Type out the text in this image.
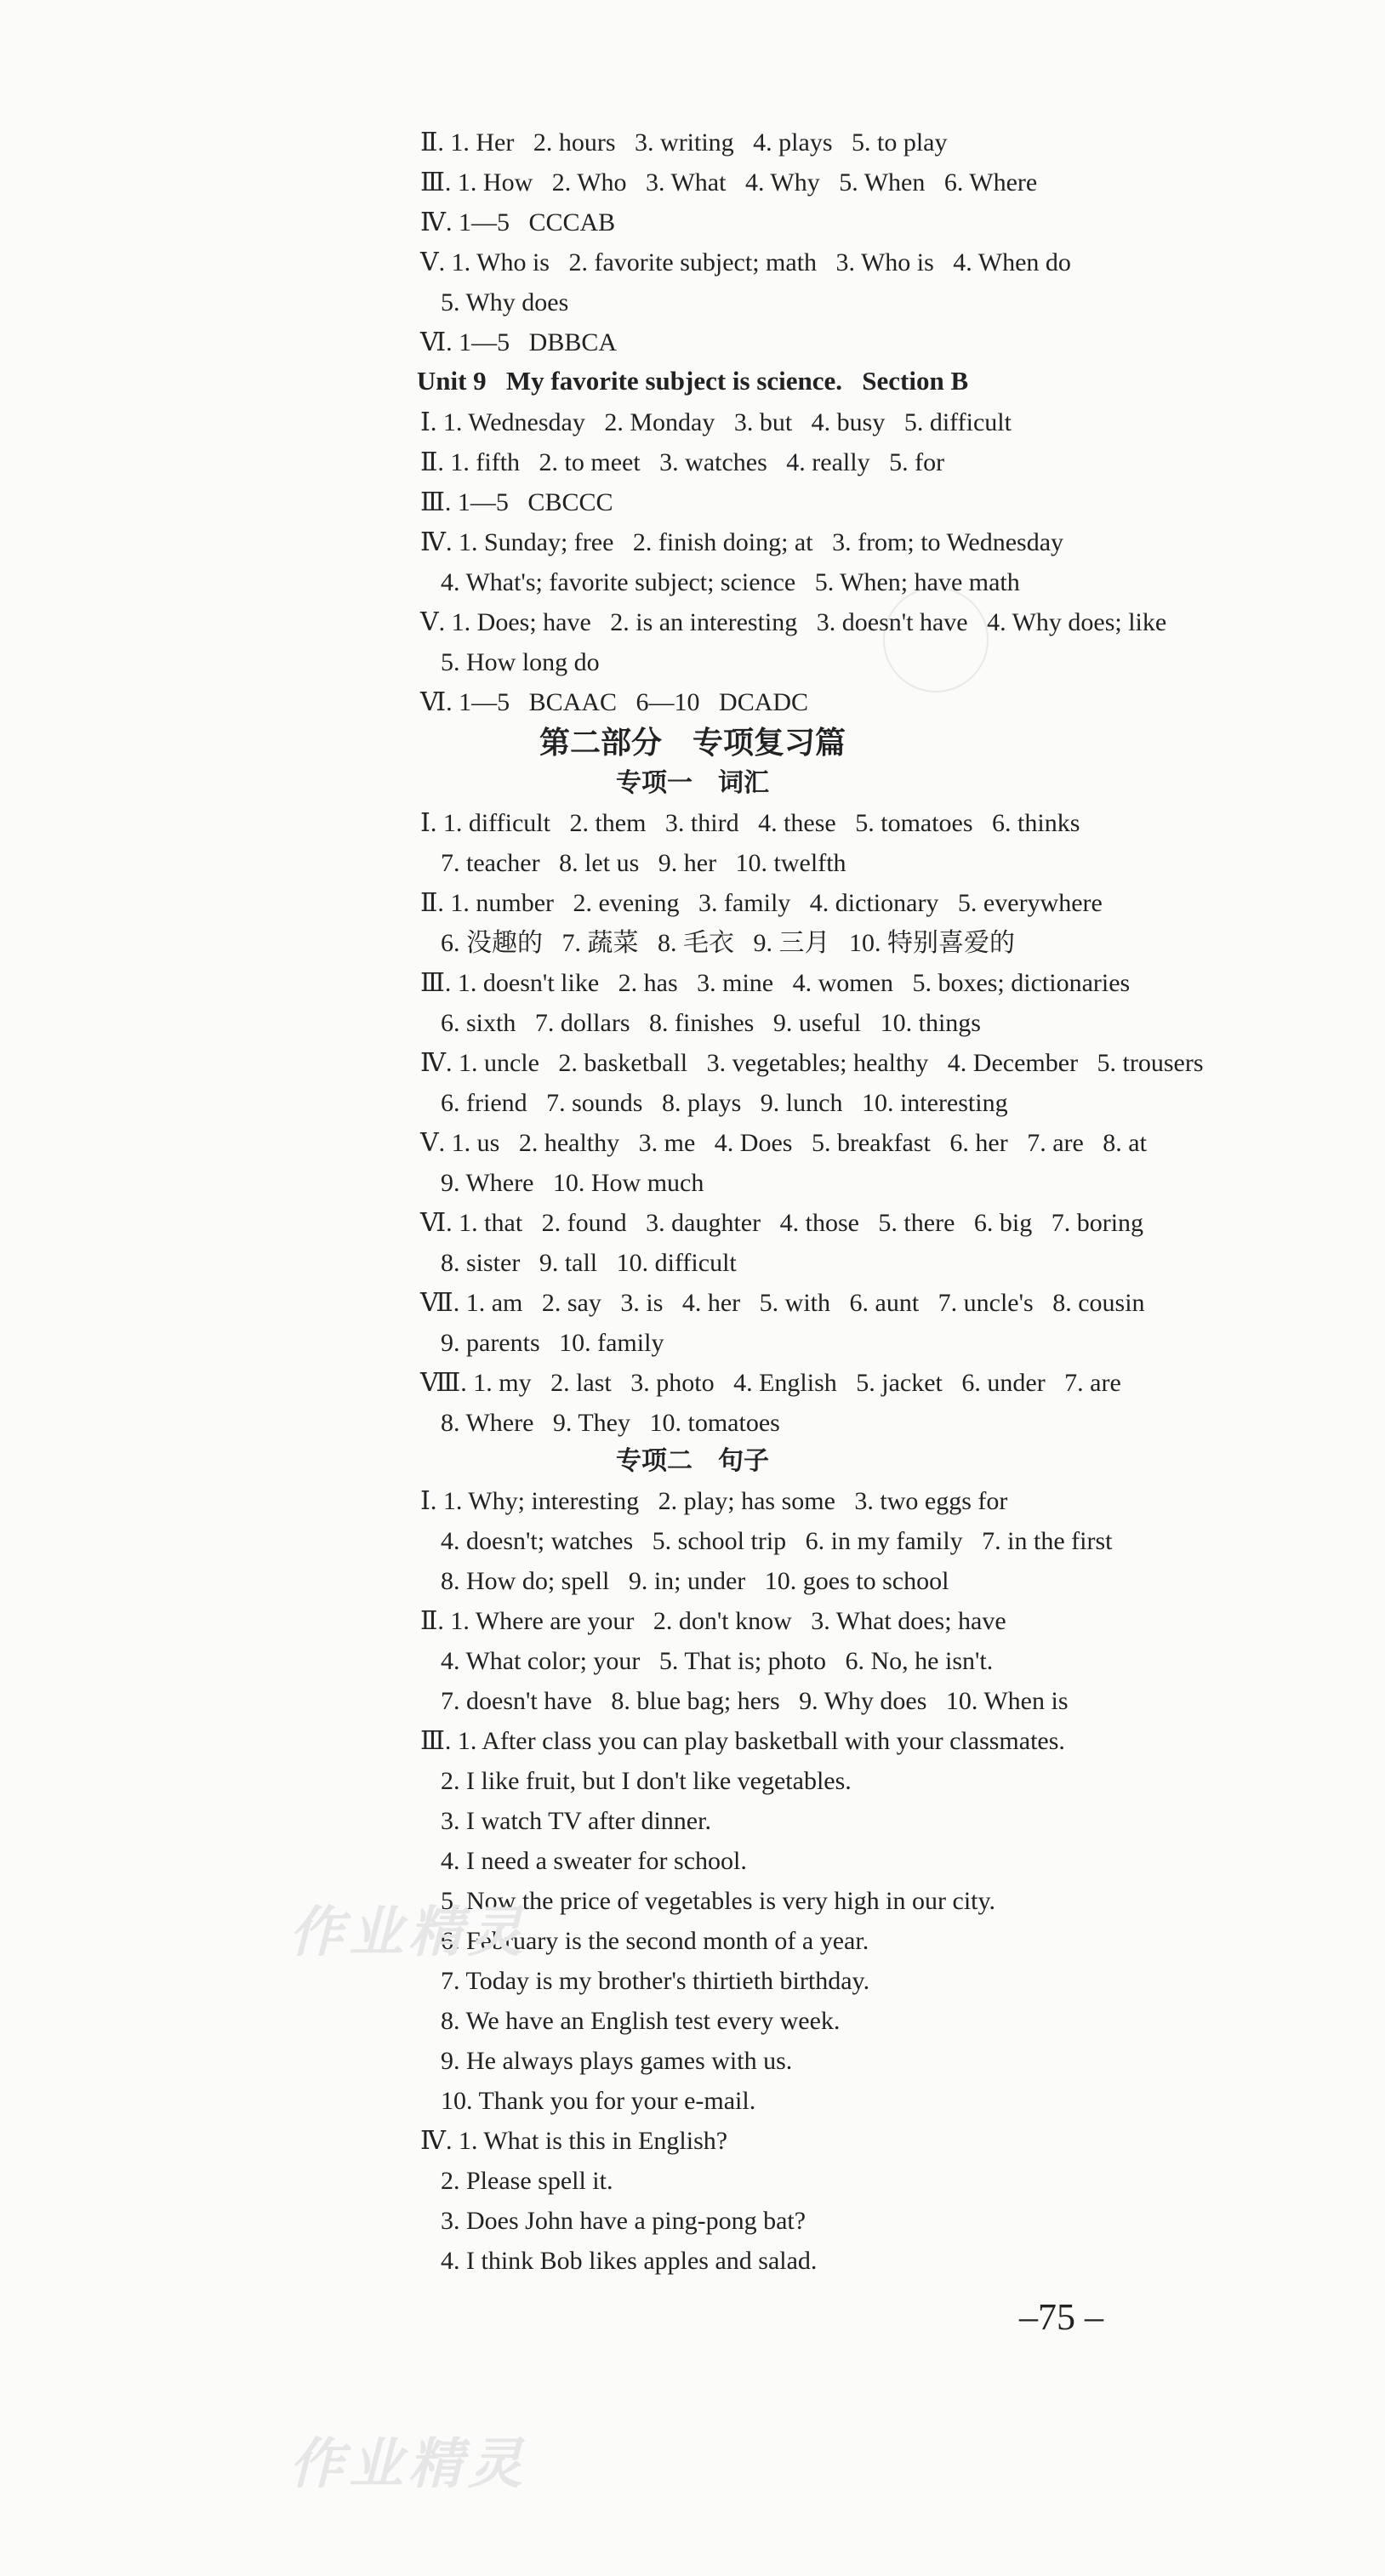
Ⅱ. 1. Her   2. hours   3. writing   4. plays   5. to play
Ⅲ. 1. How   2. Who   3. What   4. Why   5. When   6. Where
Ⅳ. 1—5   CCCAB
Ⅴ. 1. Who is   2. favorite subject; math   3. Who is   4. When do
5. Why does
Ⅵ. 1—5   DBBCA
Unit 9   My favorite subject is science.   Section B
Ⅰ. 1. Wednesday   2. Monday   3. but   4. busy   5. difficult
Ⅱ. 1. fifth   2. to meet   3. watches   4. really   5. for
Ⅲ. 1—5   CBCCC
Ⅳ. 1. Sunday; free   2. finish doing; at   3. from; to Wednesday
4. What's; favorite subject; science   5. When; have math
Ⅴ. 1. Does; have   2. is an interesting   3. doesn't have   4. Why does; like
5. How long do
Ⅵ. 1—5   BCAAC   6—10   DCADC
第二部分　专项复习篇
专项一　词汇
Ⅰ. 1. difficult   2. them   3. third   4. these   5. tomatoes   6. thinks
7. teacher   8. let us   9. her   10. twelfth
Ⅱ. 1. number   2. evening   3. family   4. dictionary   5. everywhere
6. 没趣的   7. 蔬菜   8. 毛衣   9. 三月   10. 特别喜爱的
Ⅲ. 1. doesn't like   2. has   3. mine   4. women   5. boxes; dictionaries
6. sixth   7. dollars   8. finishes   9. useful   10. things
Ⅳ. 1. uncle   2. basketball   3. vegetables; healthy   4. December   5. trousers
6. friend   7. sounds   8. plays   9. lunch   10. interesting
Ⅴ. 1. us   2. healthy   3. me   4. Does   5. breakfast   6. her   7. are   8. at
9. Where   10. How much
Ⅵ. 1. that   2. found   3. daughter   4. those   5. there   6. big   7. boring
8. sister   9. tall   10. difficult
Ⅶ. 1. am   2. say   3. is   4. her   5. with   6. aunt   7. uncle's   8. cousin
9. parents   10. family
Ⅷ. 1. my   2. last   3. photo   4. English   5. jacket   6. under   7. are
8. Where   9. They   10. tomatoes
专项二　句子
Ⅰ. 1. Why; interesting   2. play; has some   3. two eggs for
4. doesn't; watches   5. school trip   6. in my family   7. in the first
8. How do; spell   9. in; under   10. goes to school
Ⅱ. 1. Where are your   2. don't know   3. What does; have
4. What color; your   5. That is; photo   6. No, he isn't.
7. doesn't have   8. blue bag; hers   9. Why does   10. When is
Ⅲ. 1. After class you can play basketball with your classmates.
2. I like fruit, but I don't like vegetables.
3. I watch TV after dinner.
4. I need a sweater for school.
5. Now the price of vegetables is very high in our city.
6. February is the second month of a year.
7. Today is my brother's thirtieth birthday.
8. We have an English test every week.
9. He always plays games with us.
10. Thank you for your e-mail.
Ⅳ. 1. What is this in English?
2. Please spell it.
3. Does John have a ping-pong bat?
4. I think Bob likes apples and salad.
–75 –
作业精灵
作业精灵
